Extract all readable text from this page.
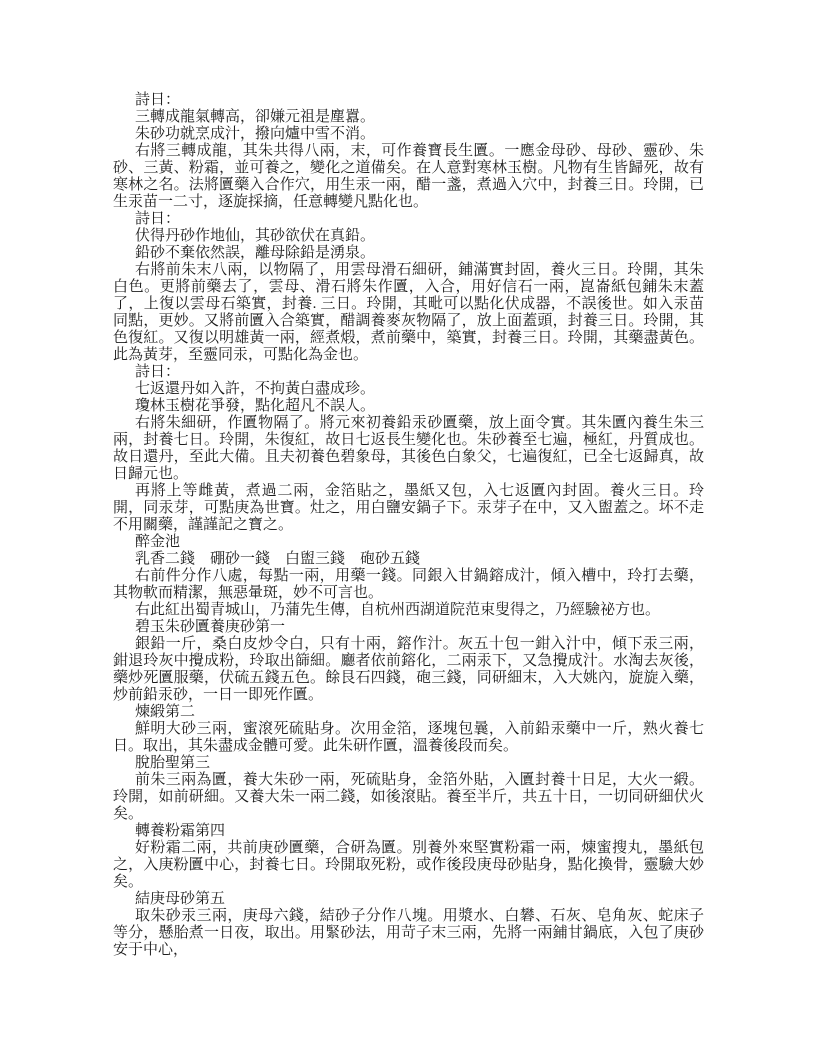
詩日：

三轉成龍氣轉高，卻嫌元祖是塵囂。

朱砂功就烹成汁，撥向爐中雪不消。

右將三轉成龍，其朱共得八兩，末，可作養寶長生匵。一應金母砂、母砂、靈砂、朱砂、三黃、粉霜，並可養之，變化之道備矣。在人意對寒林玉樹。凡物有生皆歸死，故有寒林之名。法將匵藥入合作穴，用生汞一兩，醋一盞，煮過入穴中，封養三日。玲開，已生汞苗一二寸，逐旋採摘，任意轉變凡點化也。

詩日：

伏得丹砂作地仙，其砂欲伏在真鉛。

鉛砂不棄依然誤，離母除鉛是湧泉。

右將前朱末八兩，以物隔了，用雲母滑石細研，鋪滿實封固，養火三日。玲開，其朱白色。更將前藥去了，雲母、滑石將朱作匵，入合，用好信石一兩，崑崙紙包鋪朱末蓋了，上復以雲母石築實，封養. 三日。玲開，其毗可以點化伏成器，不誤後世。如入汞苗同點，更妙。又將前匵入合築實，醋調養麥灰物隔了，放上面蓋頭，封養三日。玲開，其色復紅。又復以明雄黃一兩，經煮煅，煮前藥中，築實，封養三日。玲開，其藥盡黃色。此為黃芽，至靈同汞，可點化為金也。

詩日：

七返還丹如入許，不拘黃白盡成珍。

瓊林玉樹花爭發，點化超凡不誤人。

右將朱細研，作匵物隔了。將元來初養鉛汞砂匵藥，放上面令實。其朱匵內養生朱三兩，封養七日。玲開，朱復紅，故日七返長生變化也。朱砂養至七遍，極紅，丹質成也。故日還丹，至此大備。且夫初養色碧象母，其後色白象父，七遍復紅，已全七返歸真，故日歸元也。

再將上等雌黃，煮過二兩，金箔貼之，墨紙又包，入七返匵內封固。養火三日。玲開，同汞芽，可點庚為世寶。灶之，用白鹽安鍋子下。汞芽子在中，又入盥蓋之。坏不走不用關藥，謹謹記之寶之。

醉金池

乳香二錢　硼砂一錢　白盥三錢　砲砂五錢

右前件分作八處，每點一兩，用藥一錢。同銀入甘鍋鎔成汁，傾入槽中，玲打去藥，其物軟而精潔，無惡暈斑，妙不可言也。

右此紅出蜀青城山，乃蒲先生傳，自杭州西湖道院范束叟得之，乃經驗祕方也。

碧玉朱砂匵養庚砂第一

銀鉛一斤，桑白皮炒令白，只有十兩，鎔作汁。灰五十包一鉗入汁中，傾下汞三兩，鉗退玲灰中攪成粉，玲取出篩細。廳者依前鎔化，二兩汞下，又急攪成汁。水淘去灰後，藥炒死匵服藥，伏硫五錢五色。餘艮石四錢，砲三錢，同研細末，入大姚內，旋旋入藥，炒前鉛汞砂，一日一即死作匵。

煉緞第二

鮮明大砂三兩，蜜滾死硫貼身。次用金箔，逐塊包曩，入前鉛汞藥中一斤，熟火養七日。取出，其朱盡成金體可愛。此朱研作匵，溫養後段而矣。

脫胎聖第三

前朱三兩為匵，養大朱砂一兩，死硫貼身，金箔外貼，入匵封養十日足，大火一緞。玲開，如前研細。又養大朱一兩二錢，如後滾貼。養至半斤，共五十日，一切同研細伏火矣。

轉養粉霜第四

好粉霜二兩，共前庚砂匵藥，合研為匵。別養外來堅實粉霜一兩，煉蜜搜丸，墨紙包之，入庚粉匵中心，封養七日。玲開取死粉，或作後段庚母砂貼身，點化換骨，靈驗大妙矣。

結庚母砂第五

取朱砂汞三兩，庚母六錢，結砂子分作八塊。用漿水、白礬、石灰、皂角灰、蛇床子等分，懸胎煮一日夜，取出。用緊砂法，用苛子末三兩，先將一兩鋪甘鍋底，入包了庚砂安于中心，
